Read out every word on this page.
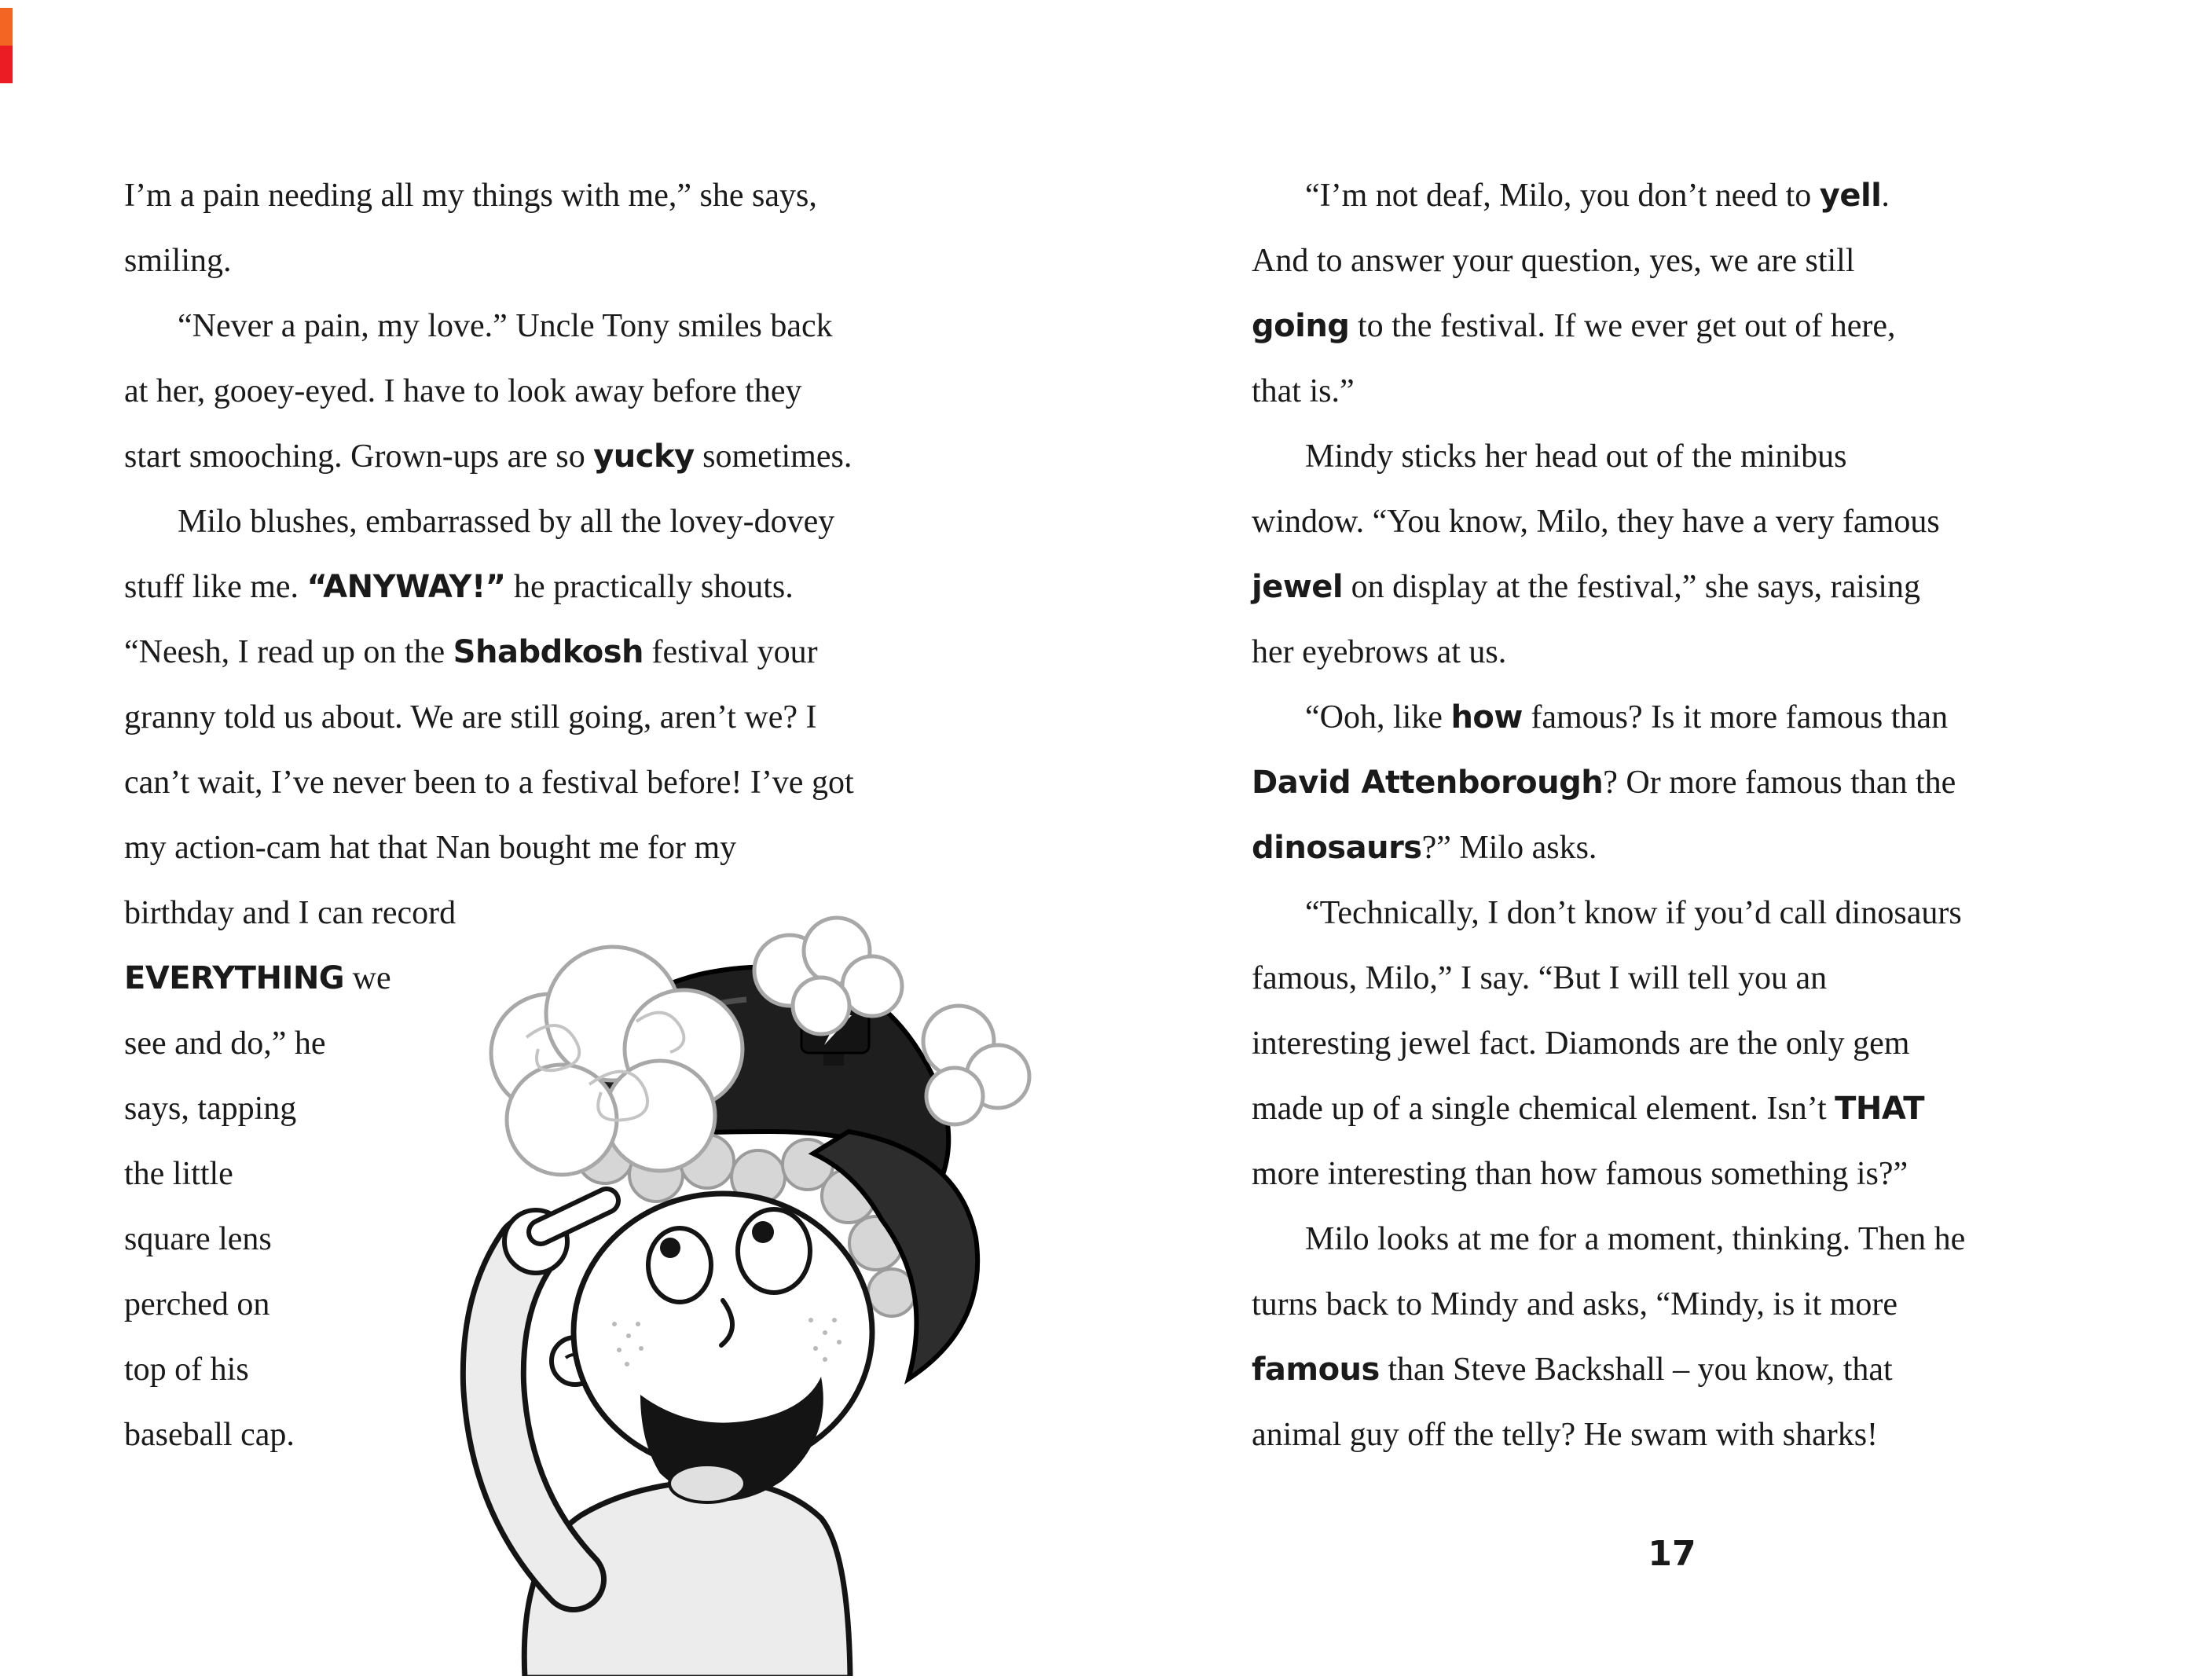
I’m a pain needing all my things with me,” she says,
smiling.
“Never a pain, my love.” Uncle Tony smiles back
at her, gooey-eyed. I have to look away before they
start smooching. Grown-ups are so yucky sometimes.
Milo blushes, embarrassed by all the lovey-dovey
stuff like me. “ANYWAY!” he practically shouts.
“Neesh, I read up on the Shabdkosh festival your
granny told us about. We are still going, aren’t we? I
can’t wait, I’ve never been to a festival before! I’ve got
my action-cam hat that Nan bought me for my
birthday and I can record
EVERYTHING we
see and do,” he
says, tapping
the little
square lens
perched on
top of his
baseball cap.
“I’m not deaf, Milo, you don’t need to yell.
And to answer your question, yes, we are still
going to the festival. If we ever get out of here,
that is.”
Mindy sticks her head out of the minibus
window. “You know, Milo, they have a very famous
jewel on display at the festival,” she says, raising
her eyebrows at us.
“Ooh, like how famous? Is it more famous than
David Attenborough? Or more famous than the
dinosaurs?” Milo asks.
“Technically, I don’t know if you’d call dinosaurs
famous, Milo,” I say. “But I will tell you an
interesting jewel fact. Diamonds are the only gem
made up of a single chemical element. Isn’t THAT
more interesting than how famous something is?”
Milo looks at me for a moment, thinking. Then he
turns back to Mindy and asks, “Mindy, is it more
famous than Steve Backshall – you know, that
animal guy off the telly? He swam with sharks!
17
